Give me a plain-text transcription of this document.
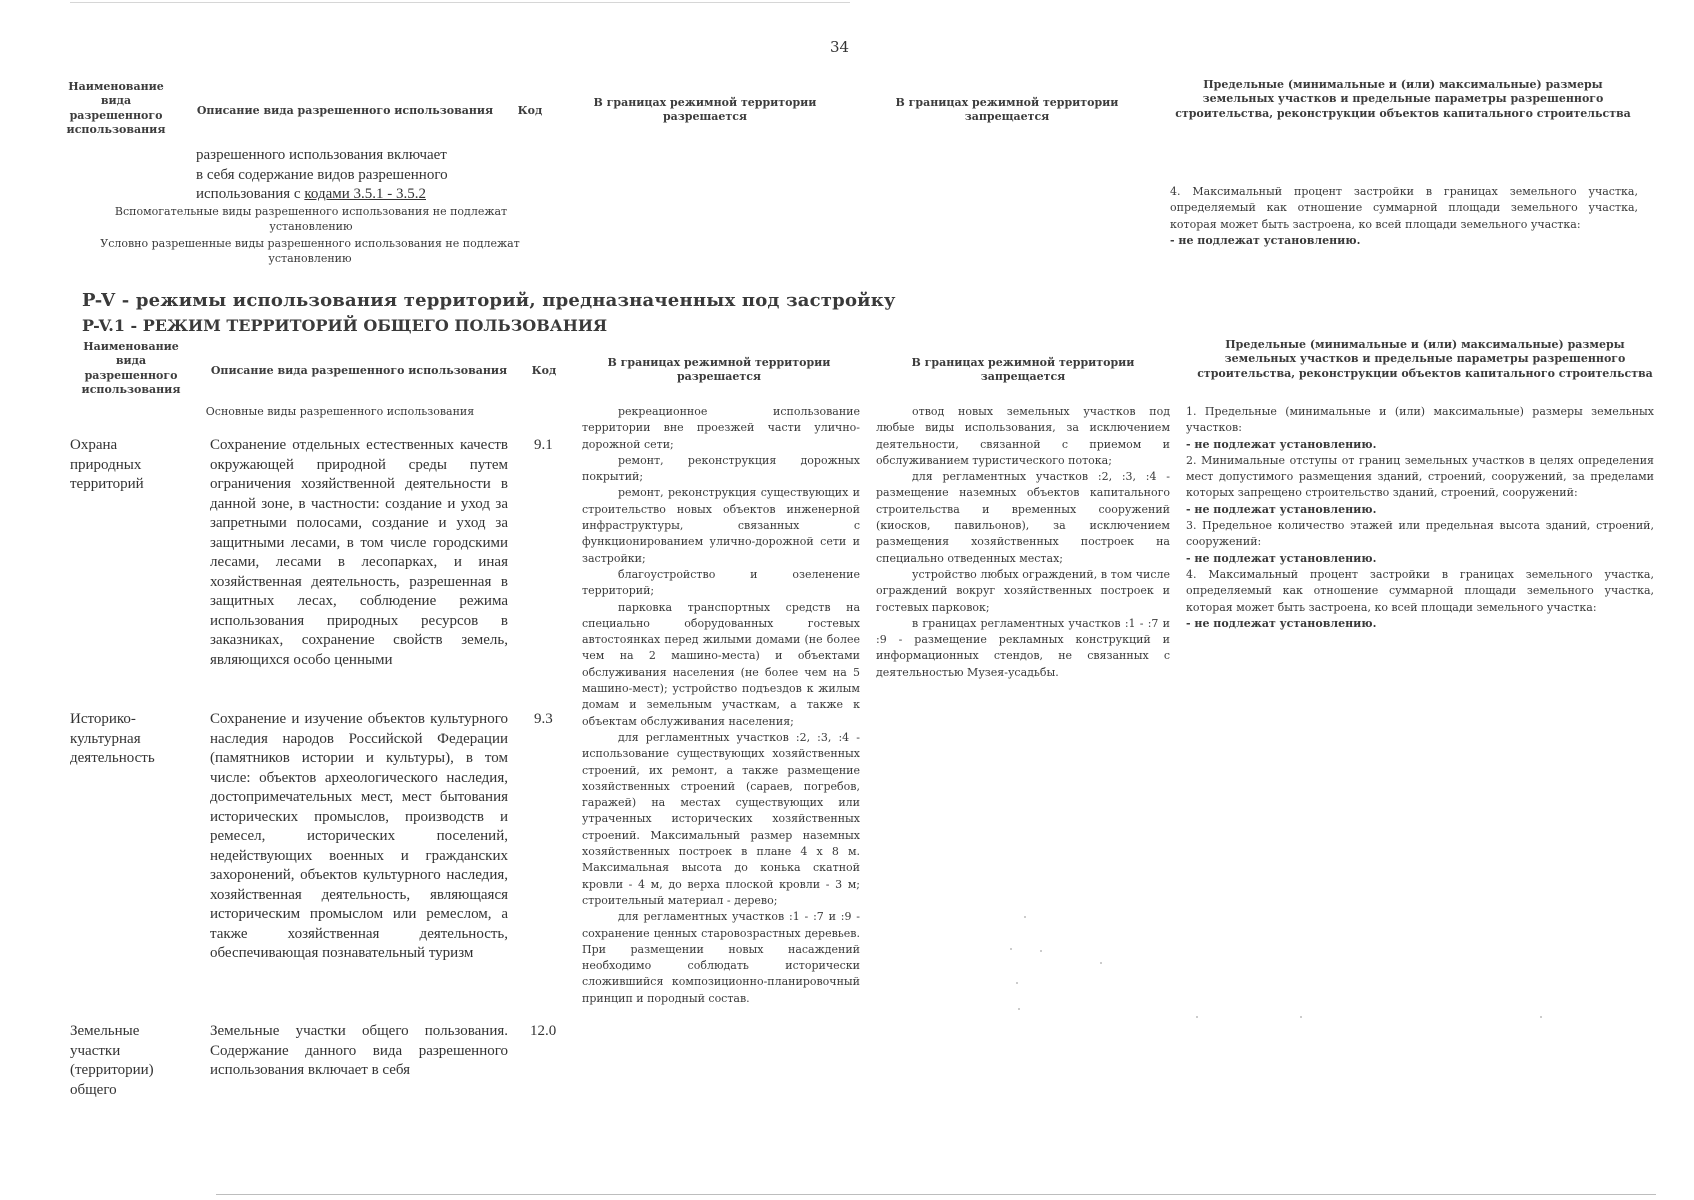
34
Наименование вида разрешенного использования
Описание вида разрешенного использования	Код
В границах режимной территории разрешается
В границах режимной территории запрещается
Предельные (минимальные и (или) максимальные) размеры земельных участков и предельные параметры разрешенного строительства, реконструкции объектов капитального строительства

разрешенного использования включает

в себя содержание видов разрешенного

использования с кодами 3.5.1 - 3.5.2

Вспомогательные виды разрешенного использования не подлежат установлению
Условно разрешенные виды разрешенного использования не подлежат установлению

4. Максимальный процент застройки в границах земельного участка, определяемый как отношение суммарной площади земельного участка, которая может быть застроена, ко всей площади земельного участка:

- не подлежат установлению.

P-V - режимы использования территорий, предназначенных под застройку
P-V.1 - РЕЖИМ ТЕРРИТОРИЙ ОБЩЕГО ПОЛЬЗОВАНИЯ
Наименование вида разрешенного использования
Описание вида разрешенного использования	Код
В границах режимной территории разрешается
В границах режимной территории запрещается
Предельные (минимальные и (или) максимальные) размеры земельных участков и предельные параметры разрешенного строительства, реконструкции объектов капитального строительства
Основные виды разрешенного использования
Охрана природных территорий
Историко-культурная деятельность
Земельные участки (территории) общего
Сохранение отдельных естественных качеств окружающей природной среды путем ограничения хозяйственной деятельности в данной зоне, в частности: создание и уход за запретными полосами, создание и уход за защитными лесами, в том числе городскими лесами, лесами в лесопарках, и иная хозяйственная деятельность, разрешенная в защитных лесах, соблюдение режима использования природных ресурсов в заказниках, сохранение свойств земель, являющихся особо ценными
Сохранение и изучение объектов культурного наследия народов Российской Федерации (памятников истории и культуры), в том числе: объектов археологического наследия, достопримечательных мест, мест бытования исторических промыслов, производств и ремесел, исторических поселений, недействующих военных и гражданских захоронений, объектов культурного наследия, хозяйственная деятельность, являющаяся историческим промыслом или ремеслом, а также хозяйственная деятельность, обеспечивающая познавательный туризм
Земельные участки общего пользования. Содержание данного вида разрешенного использования включает в себя
9.1
9.3
12.0

рекреационное использование территории вне проезжей части улично-дорожной сети;

ремонт, реконструкция дорожных покрытий;

ремонт, реконструкция существующих и строительство новых объектов инженерной инфраструктуры, связанных с функционированием улично-дорожной сети и застройки;

благоустройство и озеленение территорий;

парковка транспортных средств на специально оборудованных гостевых автостоянках перед жилыми домами (не более чем на 2 машино-места) и объектами обслуживания населения (не более чем на 5 машино-мест); устройство подъездов к жилым домам и земельным участкам, а также к объектам обслуживания населения;

для регламентных участков :2, :3, :4 - использование существующих хозяйственных строений, их ремонт, а также размещение хозяйственных строений (сараев, погребов, гаражей) на местах существующих или утраченных исторических хозяйственных строений. Максимальный размер наземных хозяйственных построек в плане 4 х 8 м. Максимальная высота до конька скатной кровли - 4 м, до верха плоской кровли - 3 м; строительный материал - дерево;

для регламентных участков :1 - :7 и :9 - сохранение ценных старовозрастных деревьев. При размещении новых насаждений необходимо соблюдать исторически сложившийся композиционно-планировочный принцип и породный состав.

отвод новых земельных участков под любые виды использования, за исключением деятельности, связанной с приемом и обслуживанием туристического потока;

для регламентных участков :2, :3, :4 - размещение наземных объектов капитального строительства и временных сооружений (киосков, павильонов), за исключением размещения хозяйственных построек на специально отведенных местах;

устройство любых ограждений, в том числе ограждений вокруг хозяйственных построек и гостевых парковок;

в границах регламентных участков :1 - :7 и :9 - размещение рекламных конструкций и информационных стендов, не связанных с деятельностью Музея-усадьбы.

1. Предельные (минимальные и (или) максимальные) размеры земельных участков:

- не подлежат установлению.

2. Минимальные отступы от границ земельных участков в целях определения мест допустимого размещения зданий, строений, сооружений, за пределами которых запрещено строительство зданий, строений, сооружений:

- не подлежат установлению.

3. Предельное количество этажей или предельная высота зданий, строений, сооружений:

- не подлежат установлению.

4. Максимальный процент застройки в границах земельного участка, определяемый как отношение суммарной площади земельного участка, которая может быть застроена, ко всей площади земельного участка:

- не подлежат установлению.
